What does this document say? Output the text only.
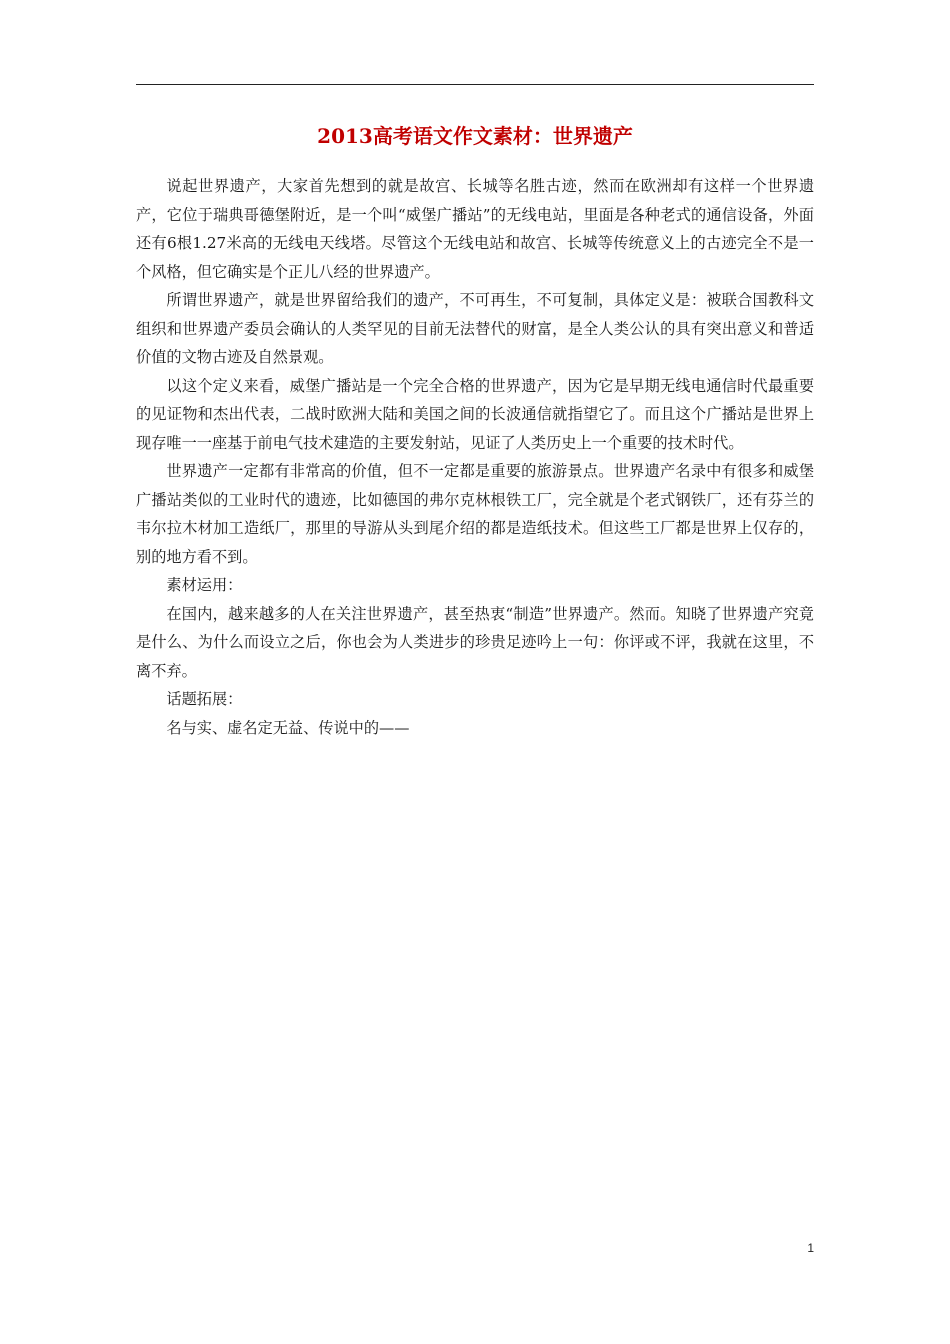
2013高考语文作文素材：世界遗产

说起世界遗产，大家首先想到的就是故宫、长城等名胜古迹，然而在欧洲却有这样一个世界遗产，它位于瑞典哥德堡附近，是一个叫“威堡广播站”的无线电站，里面是各种老式的通信设备，外面还有6根1.27米高的无线电天线塔。尽管这个无线电站和故宫、长城等传统意义上的古迹完全不是一个风格，但它确实是个正儿八经的世界遗产。

所谓世界遗产，就是世界留给我们的遗产，不可再生，不可复制，具体定义是：被联合国教科文组织和世界遗产委员会确认的人类罕见的目前无法替代的财富，是全人类公认的具有突出意义和普适价值的文物古迹及自然景观。

以这个定义来看，威堡广播站是一个完全合格的世界遗产，因为它是早期无线电通信时代最重要的见证物和杰出代表，二战时欧洲大陆和美国之间的长波通信就指望它了。而且这个广播站是世界上现存唯一一座基于前电气技术建造的主要发射站，见证了人类历史上一个重要的技术时代。

世界遗产一定都有非常高的价值，但不一定都是重要的旅游景点。世界遗产名录中有很多和威堡广播站类似的工业时代的遗迹，比如德国的弗尔克林根铁工厂，完全就是个老式钢铁厂，还有芬兰的韦尔拉木材加工造纸厂，那里的导游从头到尾介绍的都是造纸技术。但这些工厂都是世界上仅存的，别的地方看不到。

素材运用：

在国内，越来越多的人在关注世界遗产，甚至热衷“制造”世界遗产。然而。知晓了世界遗产究竟是什么、为什么而设立之后，你也会为人类进步的珍贵足迹吟上一句：你评或不评，我就在这里，不离不弃。

话题拓展：

名与实、虚名定无益、传说中的——

1
